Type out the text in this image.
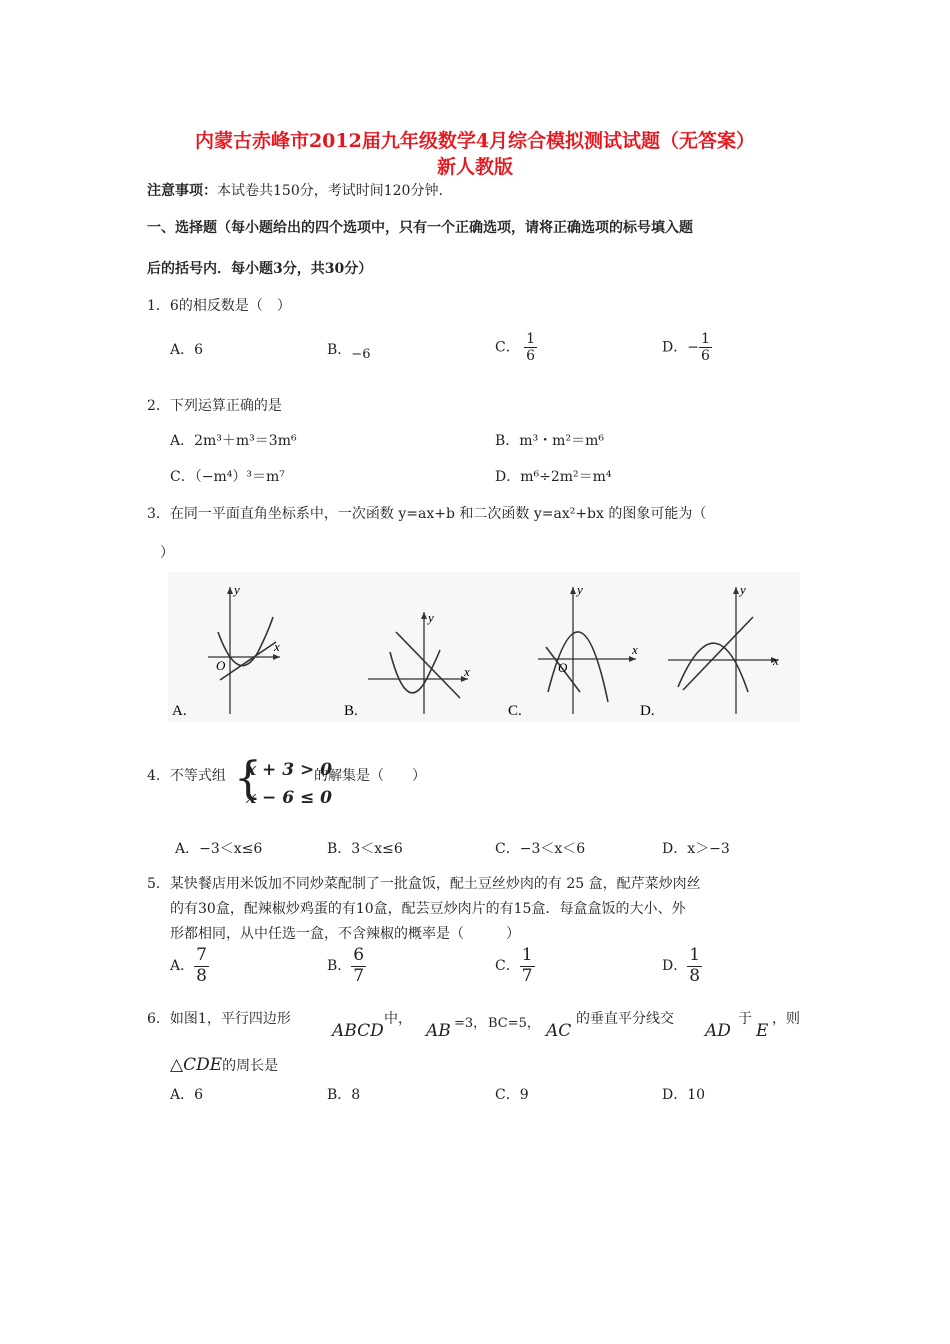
内蒙古赤峰市2012届九年级数学4月综合模拟测试试题（无答案）
新人教版
注意事项：本试卷共150分，考试时间120分钟.
一、选择题（每小题给出的四个选项中，只有一个正确选项，请将正确选项的标号填入题
后的括号内．每小题3分，共30分）
1．6的相反数是（　）
A．6	B．−6	C． $\frac{1}{6}$	D．− $\frac{1}{6}$
2．下列运算正确的是
A．2m³＋m³＝3m⁶	B．m³・m²＝m⁶
C．（−m⁴）³＝m⁷	D．m⁶÷2m²＝m⁴
3．在同一平面直角坐标系中，一次函数 y=ax+b 和二次函数 y=ax²+bx 的图象可能为（
）
y
x
O
A.
y
x
B.
y
x
O
C.
y
x
D.
4．不等式组 {
x + 3 > 0
x − 6 ≤ 0
的解集是（　　）
A．−3＜x≤6	B．3＜x≤6	C．−3＜x＜6	D．x＞−3
5．某快餐店用米饭加不同炒菜配制了一批盒饭，配土豆丝炒肉的有 25 盒，配芹菜炒肉丝
的有30盒，配辣椒炒鸡蛋的有10盒，配芸豆炒肉片的有15盒．每盒盒饭的大小、外
形都相同，从中任选一盒，不含辣椒的概率是（　　　）
A． $\frac{7}{8}$	B． $\frac{6}{7}$	C． $\frac{1}{7}$	D． $\frac{1}{8}$
6．如图1，平行四边形
ABCD
中，
AB =3， BC=5， AC
的垂直平分线交
AD
于
E
，则
△CDE的周长是
A．6	B．8	C．9	D．10
